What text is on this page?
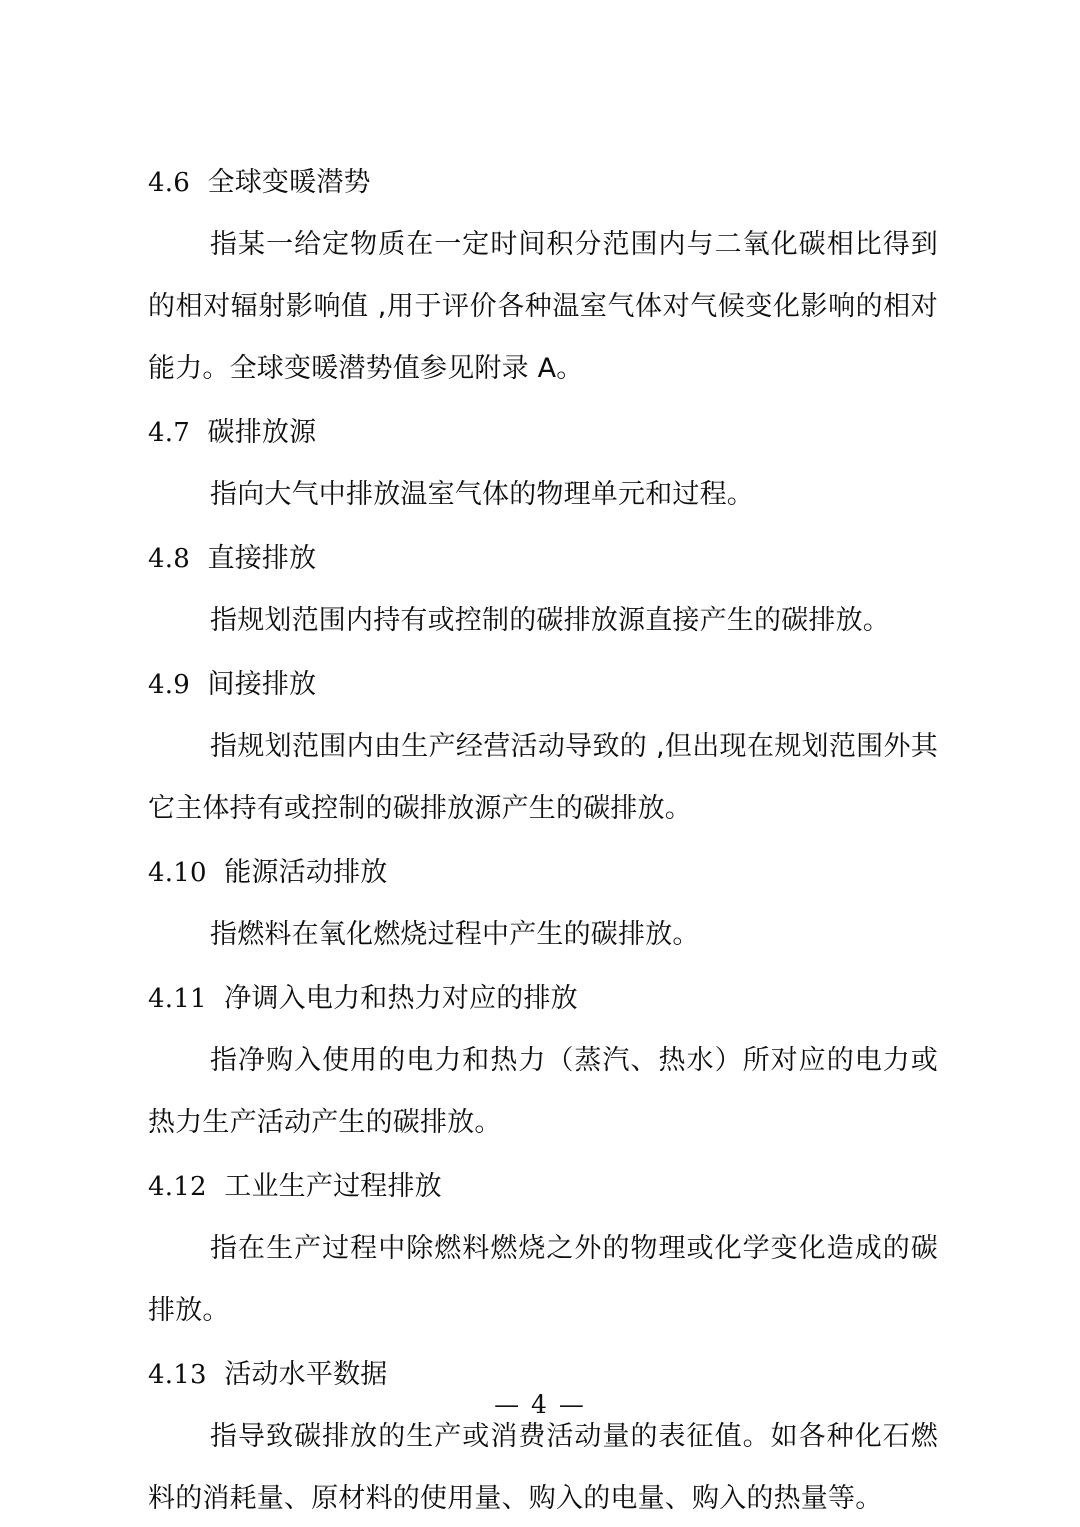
4.6 全球变暖潜势
指某一给定物质在一定时间积分范围内与二氧化碳相比得到的相对辐射影响值 ,用于评价各种温室气体对气候变化影响的相对能力。全球变暖潜势值参见附录 A。
4.7 碳排放源
指向大气中排放温室气体的物理单元和过程。
4.8 直接排放
指规划范围内持有或控制的碳排放源直接产生的碳排放。
4.9 间接排放
指规划范围内由生产经营活动导致的 ,但出现在规划范围外其它主体持有或控制的碳排放源产生的碳排放。
4.10 能源活动排放
指燃料在氧化燃烧过程中产生的碳排放。
4.11 净调入电力和热力对应的排放
指净购入使用的电力和热力（蒸汽、热水）所对应的电力或热力生产活动产生的碳排放。
4.12 工业生产过程排放
指在生产过程中除燃料燃烧之外的物理或化学变化造成的碳排放。
4.13 活动水平数据
指导致碳排放的生产或消费活动量的表征值。如各种化石燃料的消耗量、原材料的使用量、购入的电量、购入的热量等。
— 4 —
